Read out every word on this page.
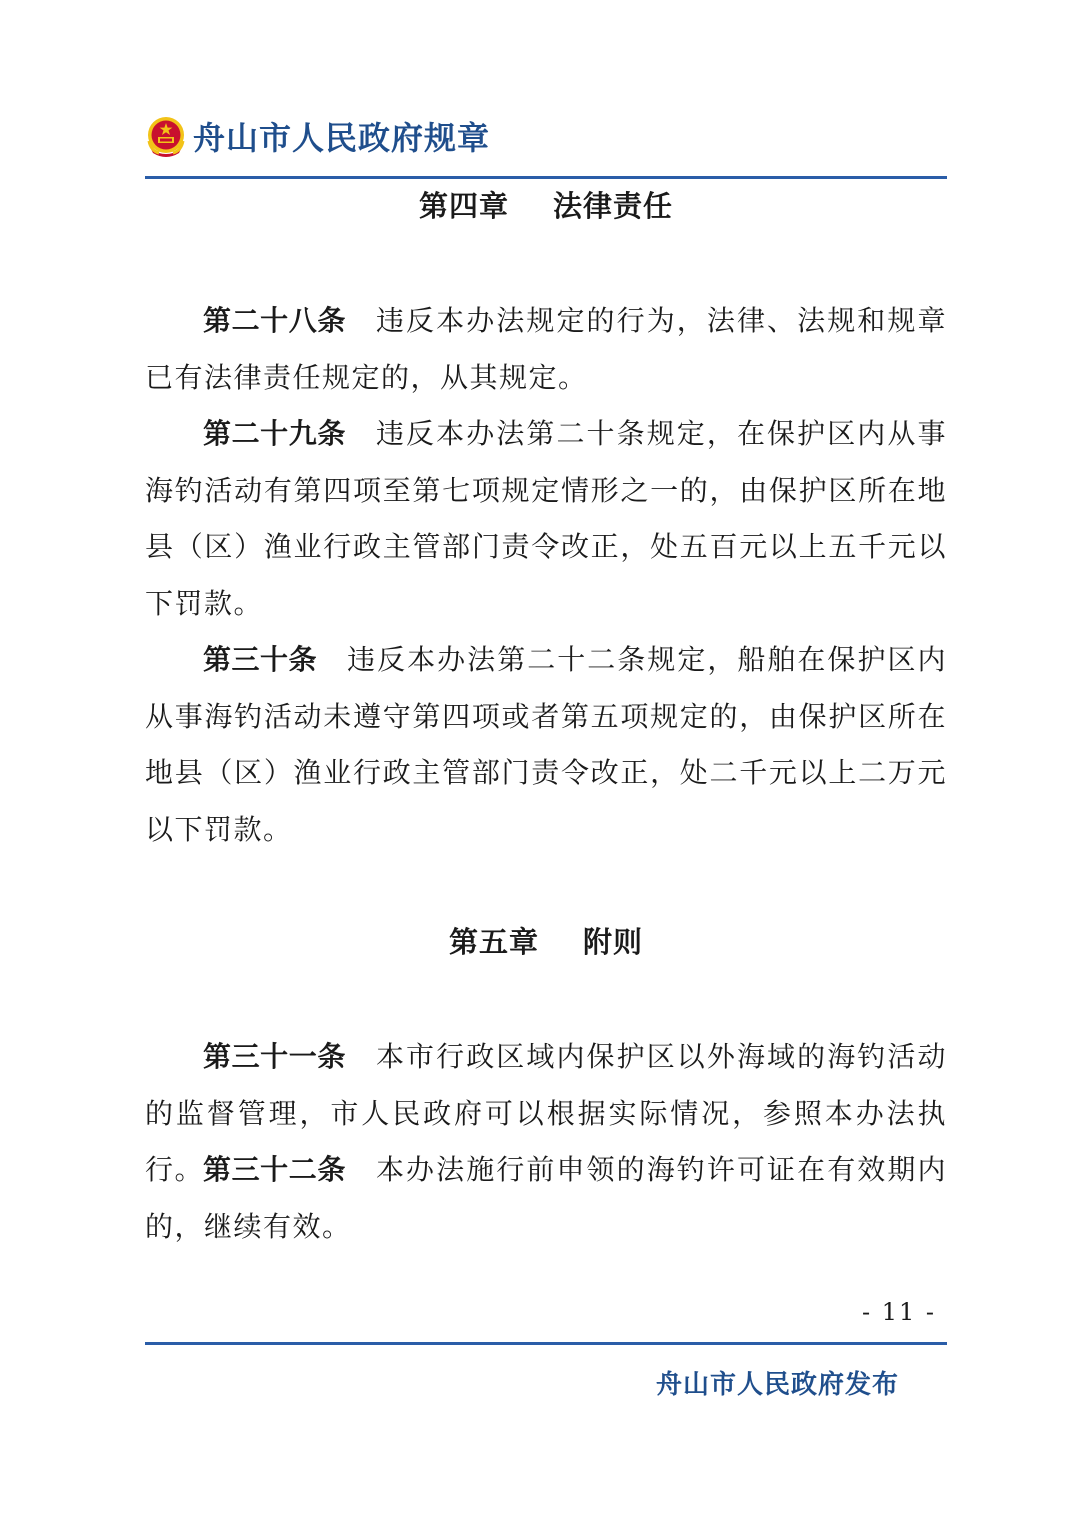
舟山市人民政府规章
第四章 法律责任

第二十八条 违反本办法规定的行为，法律、法规和规章已有法律责任规定的，从其规定。

第二十九条 违反本办法第二十条规定，在保护区内从事海钓活动有第四项至第七项规定情形之一的，由保护区所在地县（区）渔业行政主管部门责令改正，处五百元以上五千元以下罚款。

第三十条 违反本办法第二十二条规定，船舶在保护区内从事海钓活动未遵守第四项或者第五项规定的，由保护区所在地县（区）渔业行政主管部门责令改正，处二千元以上二万元以下罚款。

第五章 附则

第三十一条 本市行政区域内保护区以外海域的海钓活动的监督管理，市人民政府可以根据实际情况，参照本办法执行。

第三十二条 本办法施行前申领的海钓许可证在有效期内的，继续有效。

- 11 -
舟山市人民政府发布
